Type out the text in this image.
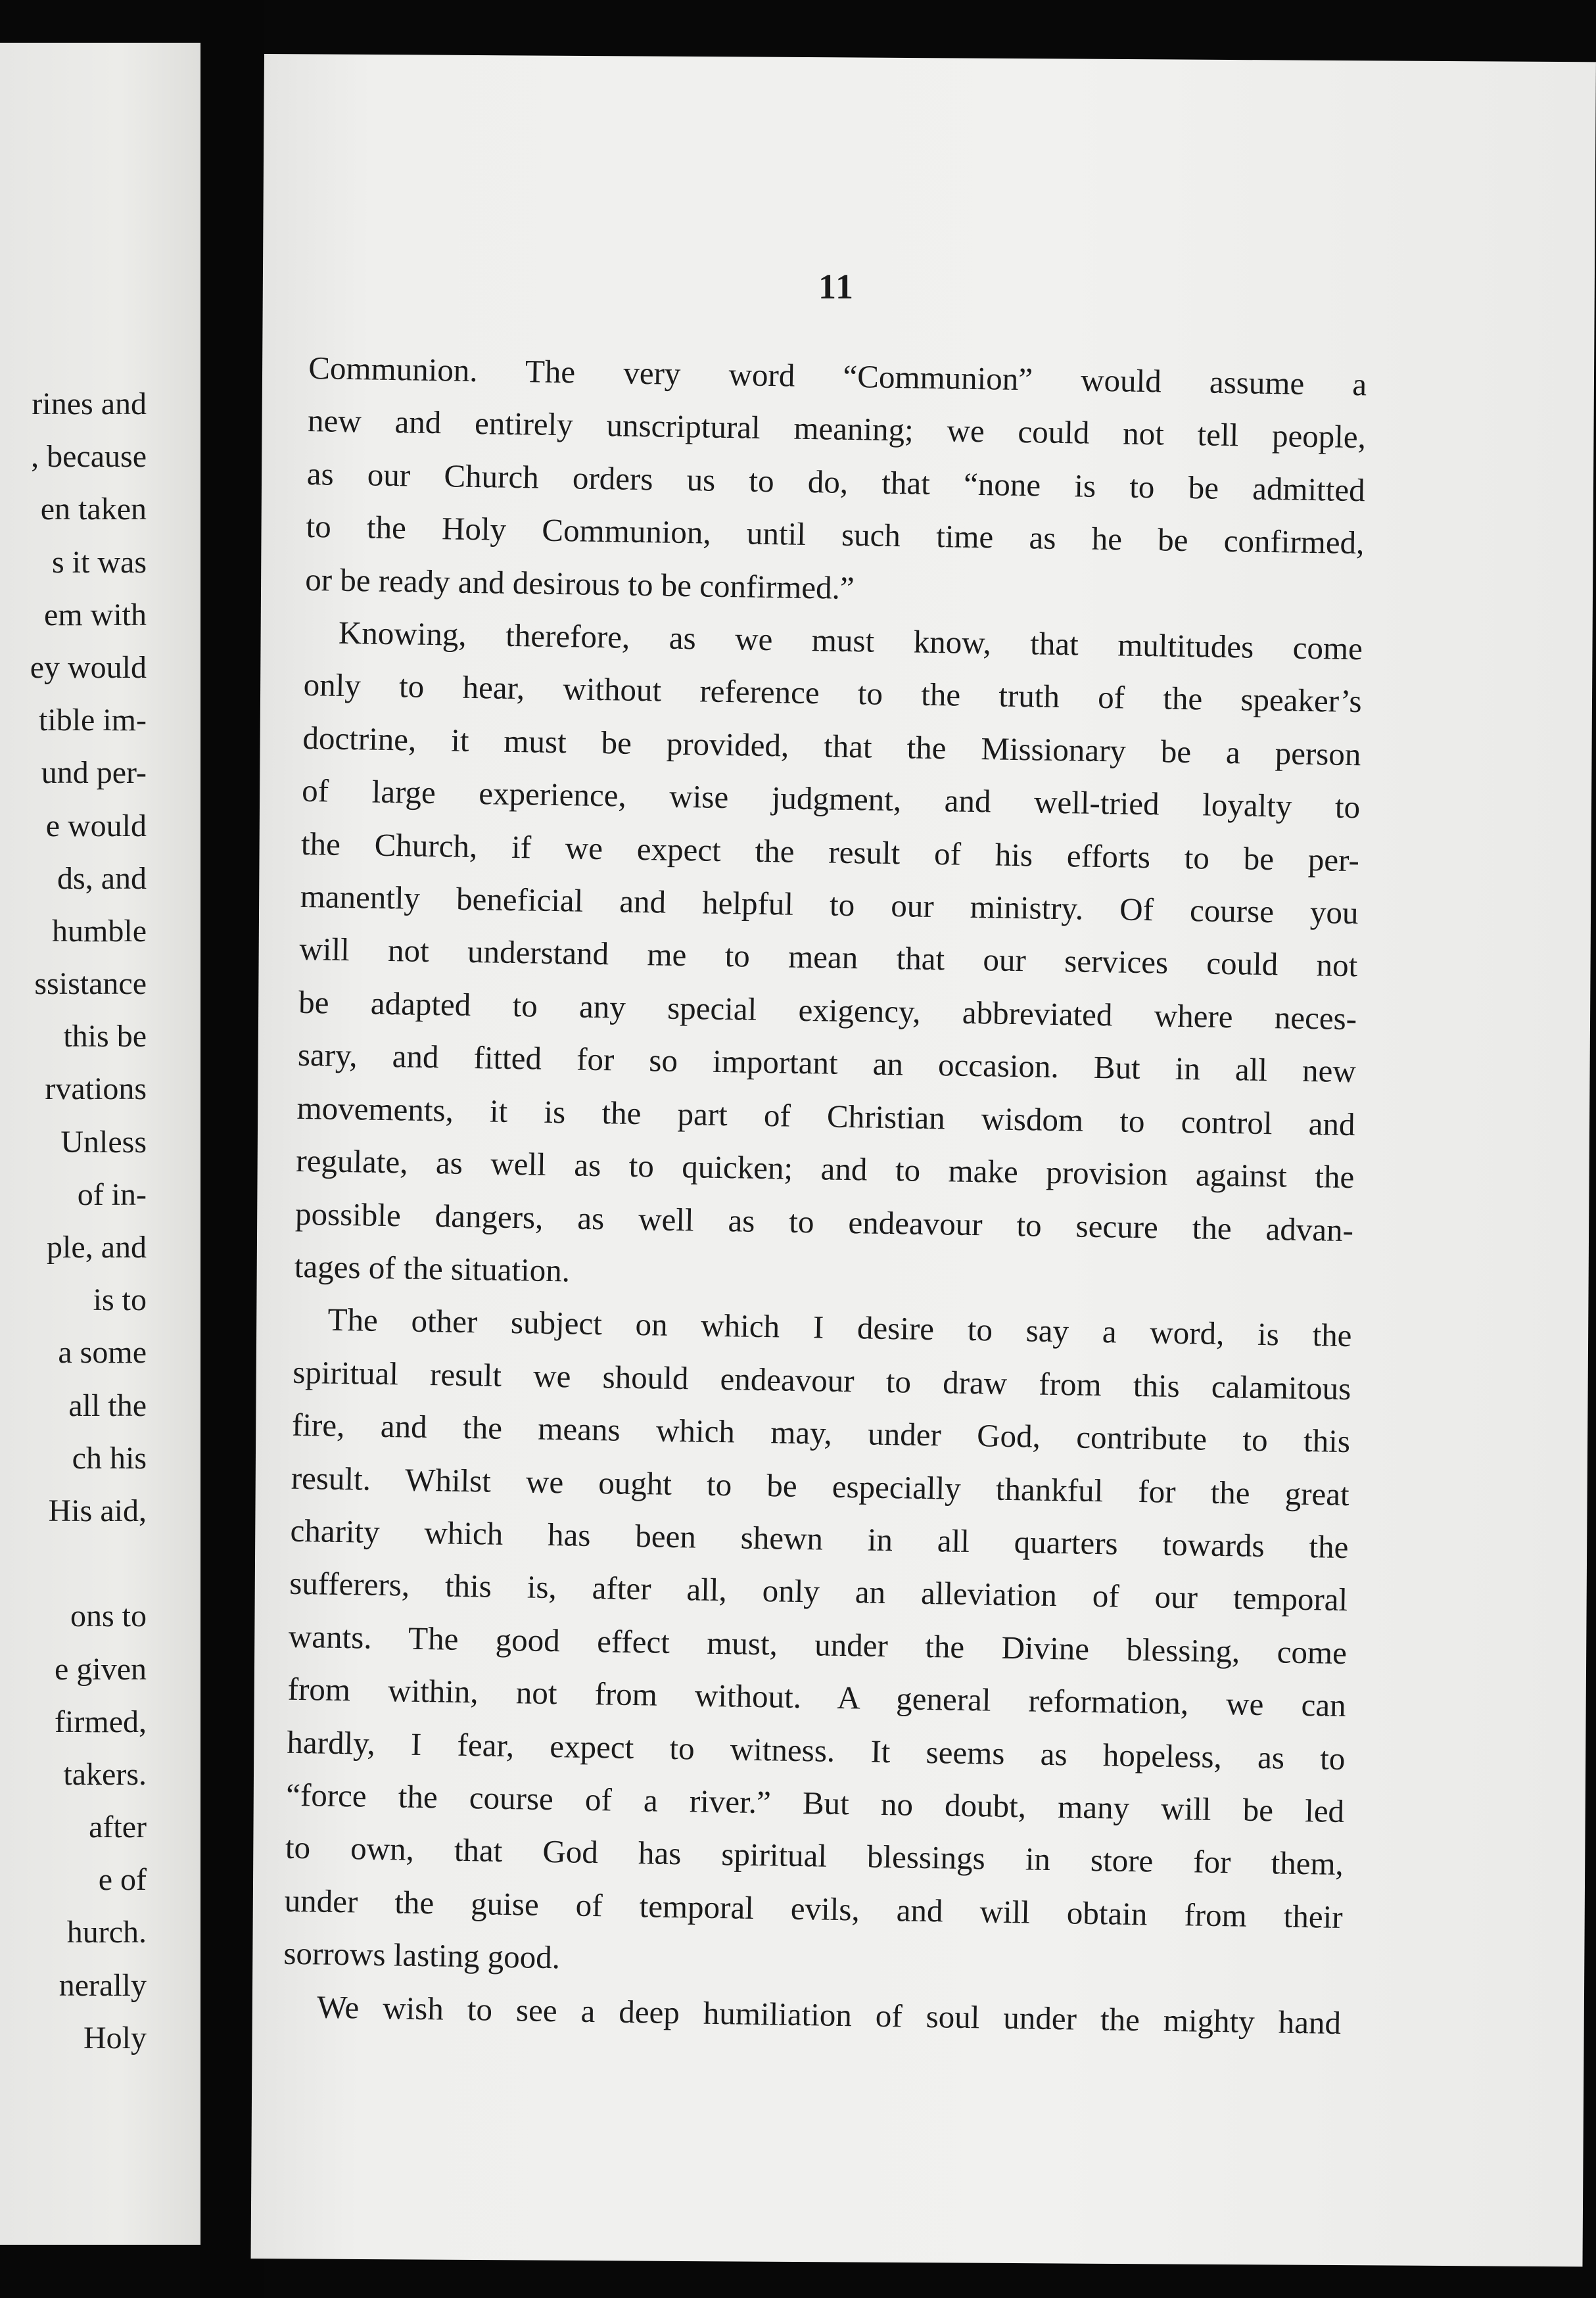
rines and
, because
en taken
s it was
em with
ey would
tible im-
und per-
e would
ds, and
humble
ssistance
this be
rvations
Unless
of in-
ple, and
is to
a some
all the
ch his
His aid,
ons to
e given
firmed,
takers.
after
e of
hurch.
nerally
Holy
11
Communion. The very word “Communion” would assume a
new and entirely unscriptural meaning; we could not tell people,
as our Church orders us to do, that “none is to be admitted
to the Holy Communion, until such time as he be confirmed,
or be ready and desirous to be confirmed.”
Knowing, therefore, as we must know, that multitudes come
only to hear, without reference to the truth of the speaker’s
doctrine, it must be provided, that the Missionary be a person
of large experience, wise judgment, and well-tried loyalty to
the Church, if we expect the result of his efforts to be per-
manently beneficial and helpful to our ministry. Of course you
will not understand me to mean that our services could not
be adapted to any special exigency, abbreviated where neces-
sary, and fitted for so important an occasion. But in all new
movements, it is the part of Christian wisdom to control and
regulate, as well as to quicken; and to make provision against the
possible dangers, as well as to endeavour to secure the advan-
tages of the situation.
The other subject on which I desire to say a word, is the
spiritual result we should endeavour to draw from this calamitous
fire, and the means which may, under God, contribute to this
result. Whilst we ought to be especially thankful for the great
charity which has been shewn in all quarters towards the
sufferers, this is, after all, only an alleviation of our temporal
wants. The good effect must, under the Divine blessing, come
from within, not from without. A general reformation, we can
hardly, I fear, expect to witness. It seems as hopeless, as to
“force the course of a river.” But no doubt, many will be led
to own, that God has spiritual blessings in store for them,
under the guise of temporal evils, and will obtain from their
sorrows lasting good.
We wish to see a deep humiliation of soul under the mighty hand
